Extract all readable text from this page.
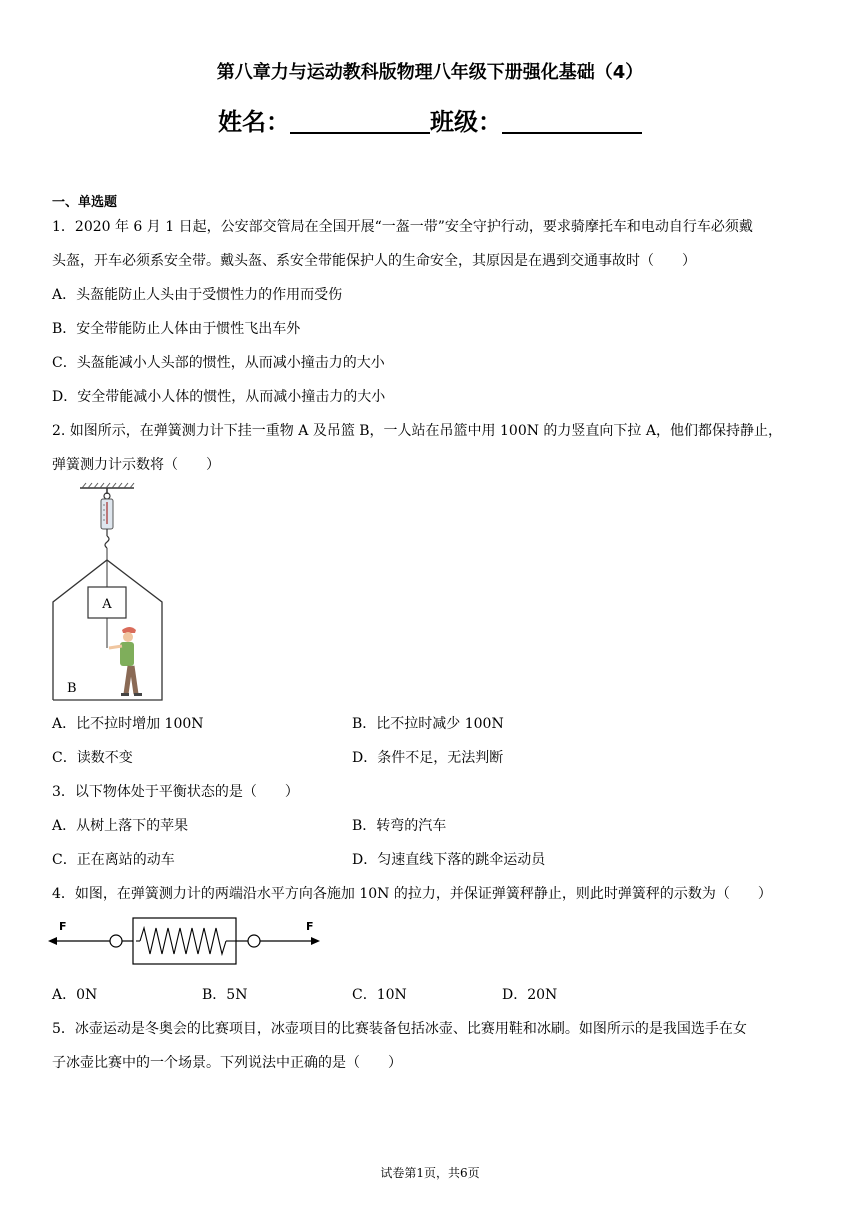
第八章力与运动教科版物理八年级下册强化基础（4）
姓名：	班级：
一、单选题
1．2020 年 6 月 1 日起，公安部交管局在全国开展“一盔一带”安全守护行动，要求骑摩托车和电动自行车必须戴
头盔，开车必须系安全带。戴头盔、系安全带能保护人的生命安全，其原因是在遇到交通事故时（　　）
A．头盔能防止人头由于受惯性力的作用而受伤
B．安全带能防止人体由于惯性飞出车外
C．头盔能减小人头部的惯性，从而减小撞击力的大小
D．安全带能减小人体的惯性，从而减小撞击力的大小
2. 如图所示，在弹簧测力计下挂一重物 A 及吊篮 B，一人站在吊篮中用 100N 的力竖直向下拉 A，他们都保持静止，
弹簧测力计示数将（　　）
A
B
A．比不拉时增加 100N	B．比不拉时减少 100N
C．读数不变	D．条件不足，无法判断
3．以下物体处于平衡状态的是（　　）
A．从树上落下的苹果	B．转弯的汽车
C．正在离站的动车	D．匀速直线下落的跳伞运动员
4．如图，在弹簧测力计的两端沿水平方向各施加 10N 的拉力，并保证弹簧秤静止，则此时弹簧秤的示数为（　　）
F	F
A．0N	B．5N	C．10N	D．20N
5．冰壶运动是冬奥会的比赛项目，冰壶项目的比赛装备包括冰壶、比赛用鞋和冰刷。如图所示的是我国选手在女
子冰壶比赛中的一个场景。下列说法中正确的是（　　）
试卷第1页，共6页
